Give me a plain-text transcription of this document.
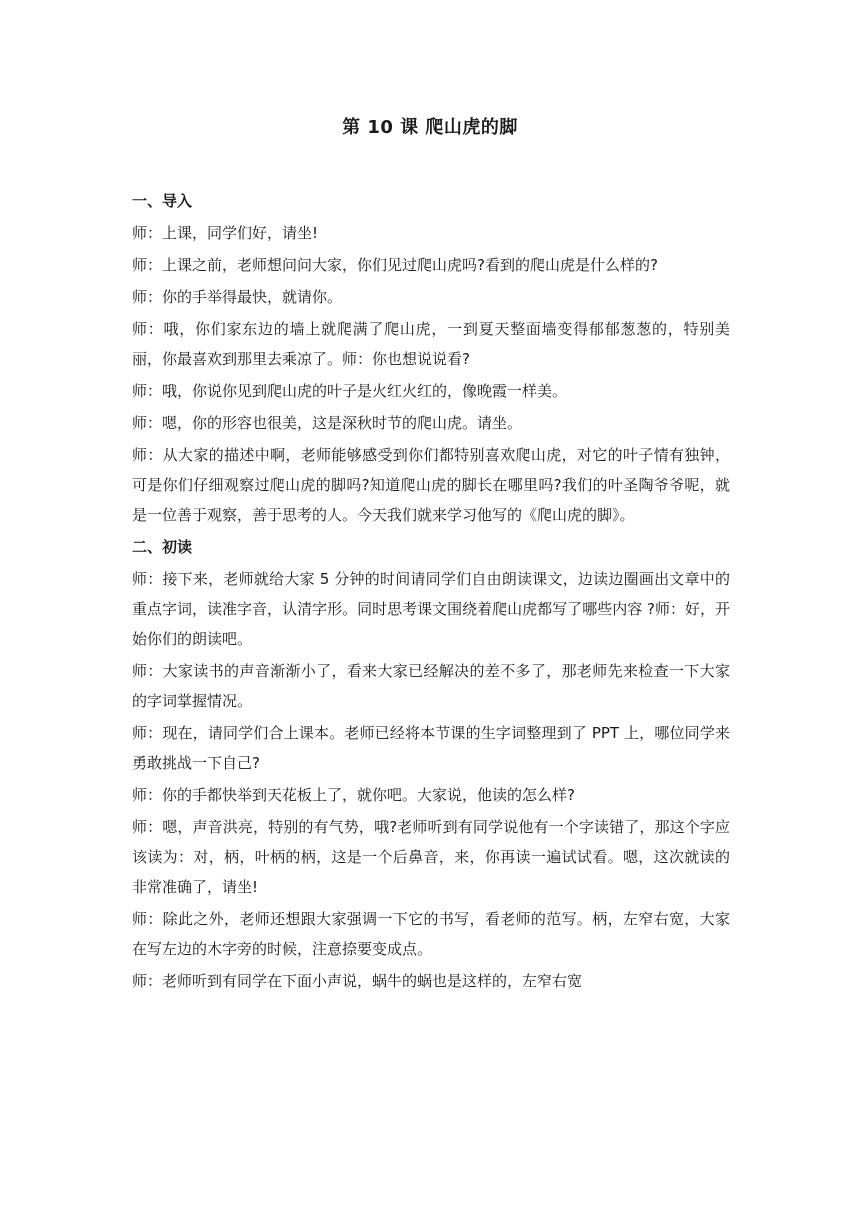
第 10 课 爬山虎的脚

一、导入

师：上课，同学们好，请坐!

师：上课之前，老师想问问大家，你们见过爬山虎吗?看到的爬山虎是什么样的?

师：你的手举得最快，就请你。

师：哦，你们家东边的墙上就爬满了爬山虎，一到夏天整面墙变得郁郁葱葱的，特别美丽，你最喜欢到那里去乘凉了。师：你也想说说看?

师：哦，你说你见到爬山虎的叶子是火红火红的，像晚霞一样美。

师：嗯，你的形容也很美，这是深秋时节的爬山虎。请坐。

师：从大家的描述中啊，老师能够感受到你们都特别喜欢爬山虎，对它的叶子情有独钟，可是你们仔细观察过爬山虎的脚吗?知道爬山虎的脚长在哪里吗?我们的叶圣陶爷爷呢，就是一位善于观察，善于思考的人。今天我们就来学习他写的《爬山虎的脚》。

二、初读

师：接下来，老师就给大家 5 分钟的时间请同学们自由朗读课文，边读边圈画出文章中的重点字词，读准字音，认清字形。同时思考课文围绕着爬山虎都写了哪些内容 ?师：好，开始你们的朗读吧。

师：大家读书的声音渐渐小了，看来大家已经解决的差不多了，那老师先来检查一下大家的字词掌握情况。

师：现在，请同学们合上课本。老师已经将本节课的生字词整理到了 PPT 上，哪位同学来勇敢挑战一下自己?

师：你的手都快举到天花板上了，就你吧。大家说，他读的怎么样?

师：嗯，声音洪亮，特别的有气势，哦?老师听到有同学说他有一个字读错了，那这个字应该读为：对，柄，叶柄的柄，这是一个后鼻音，来，你再读一遍试试看。嗯，这次就读的非常准确了，请坐!

师：除此之外，老师还想跟大家强调一下它的书写，看老师的范写。柄，左窄右宽，大家在写左边的木字旁的时候，注意捺要变成点。

师：老师听到有同学在下面小声说，蜗牛的蜗也是这样的，左窄右宽
